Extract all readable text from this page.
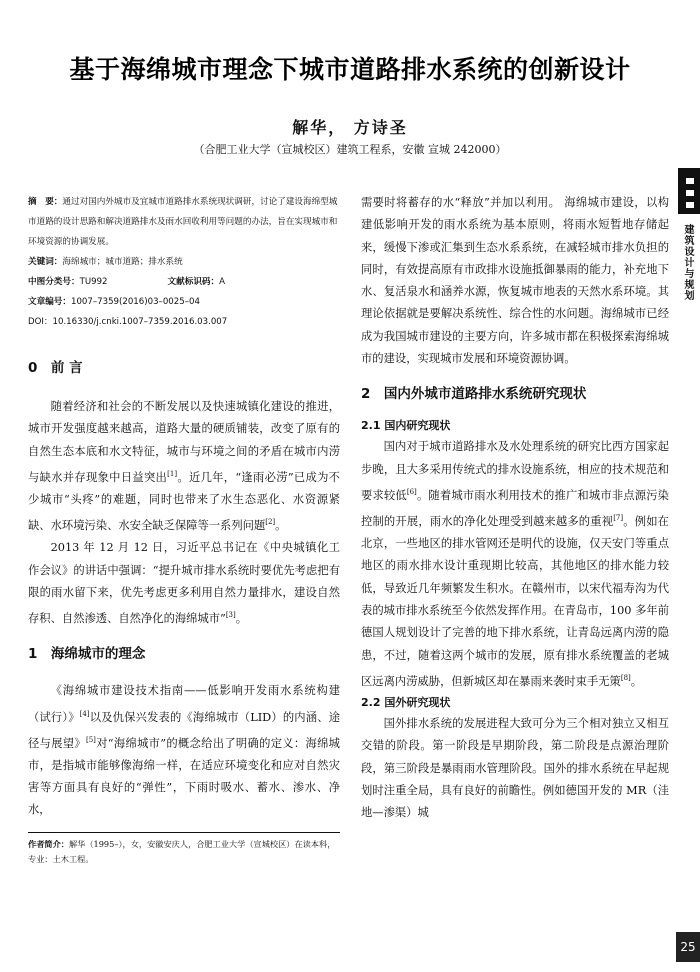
基于海绵城市理念下城市道路排水系统的创新设计
解华， 方诗圣
（合肥工业大学（宣城校区）建筑工程系，安徽 宣城 242000）
摘　要：通过对国内外城市及宜城市道路排水系统现状调研，讨论了建设海绵型城市道路的设计思路和解决道路排水及雨水回收利用等问题的办法，旨在实现城市和环境资源的协调发展。
关键词：海绵城市；城市道路；排水系统
中图分类号：TU992	文献标识码：A
文章编号：1007–7359(2016)03–0025–04
DOI：10.16330/j.cnki.1007–7359.2016.03.007
0　前 言

随着经济和社会的不断发展以及快速城镇化建设的推进，城市开发强度越来越高，道路大量的硬质铺装，改变了原有的自然生态本底和水文特征，城市与环境之间的矛盾在城市内涝与缺水并存现象中日益突出[1]。近几年，“逢雨必涝”已成为不少城市“头疼”的难题，同时也带来了水生态恶化、水资源紧缺、水环境污染、水安全缺乏保障等一系列问题[2]。

2013 年 12 月 12 日，习近平总书记在《中央城镇化工作会议》的讲话中强调：“提升城市排水系统时要优先考虑把有限的雨水留下来，优先考虑更多利用自然力量排水，建设自然存积、自然渗透、自然净化的海绵城市”[3]。

1　海绵城市的理念

《海绵城市建设技术指南——低影响开发雨水系统构建（试行）》[4]以及仇保兴发表的《海绵城市（LID）的内涵、途径与展望》[5]对“海绵城市”的概念给出了明确的定义：海绵城市，是指城市能够像海绵一样，在适应环境变化和应对自然灾害等方面具有良好的“弹性”，下雨时吸水、蓄水、渗水、净水，

作者简介：解华（1995–），女，安徽安庆人，合肥工业大学（宣城校区）在读本科，专业：土木工程。

需要时将蓄存的水“释放”并加以利用。 海绵城市建设，以构建低影响开发的雨水系统为基本原则，将雨水短暂地存储起来，缓慢下渗或汇集到生态水系系统，在减轻城市排水负担的同时，有效提高原有市政排水设施抵御暴雨的能力，补充地下水、复活泉水和涵养水源，恢复城市地表的天然水系环境。其理论依据就是要解决系统性、综合性的水问题。海绵城市已经成为我国城市建设的主要方向，许多城市都在积极探索海绵城市的建设，实现城市发展和环境资源协调。

2　国内外城市道路排水系统研究现状
2.1 国内研究现状

国内对于城市道路排水及水处理系统的研究比西方国家起步晚，且大多采用传统式的排水设施系统，相应的技术规范和要求较低[6]。随着城市雨水利用技术的推广和城市非点源污染控制的开展，雨水的净化处理受到越来越多的重视[7]。例如在北京，一些地区的排水管网还是明代的设施，仅天安门等重点地区的雨水排水设计重现期比较高，其他地区的排水能力较低，导致近几年频繁发生积水。在赣州市，以宋代福寿沟为代表的城市排水系统至今依然发挥作用。在青岛市，100 多年前德国人规划设计了完善的地下排水系统，让青岛远离内涝的隐患，不过，随着这两个城市的发展，原有排水系统覆盖的老城区远离内涝威胁，但新城区却在暴雨来袭时束手无策[8]。

2.2 国外研究现状

国外排水系统的发展进程大致可分为三个相对独立又相互交错的阶段。第一阶段是早期阶段，第二阶段是点源治理阶段，第三阶段是暴雨雨水管理阶段。国外的排水系统在早起规划时注重全局，具有良好的前瞻性。例如德国开发的 MR（洼地—渗渠）城

建筑设计与规划
25
